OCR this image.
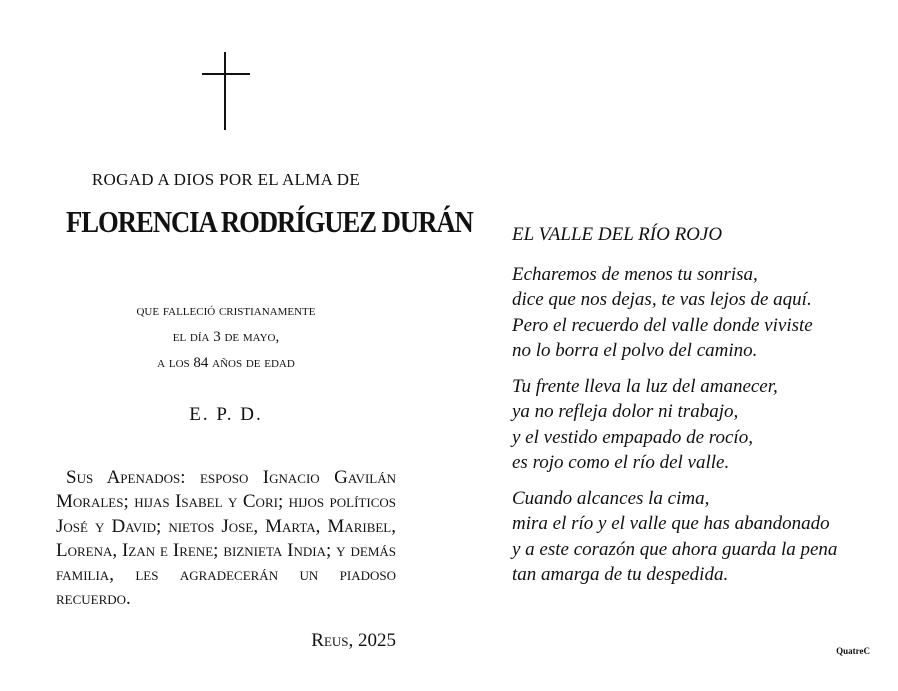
ROGAD A DIOS POR EL ALMA DE
FLORENCIA RODRÍGUEZ DURÁN
que falleció cristianamente
el día 3 de mayo,
a los 84 años de edad
E. P. D.

Sus Apenados: esposo Ignacio Gavilán Morales; hijas Isabel y Cori; hijos políticos José y David; nietos Jose, Marta, Maribel, Lorena, Izan e Irene; biznieta India; y demás familia, les agradecerán un piadoso recuerdo.

Reus, 2025
EL VALLE DEL RÍO ROJO
Echaremos de menos tu sonrisa,
dice que nos dejas, te vas lejos de aquí.
Pero el recuerdo del valle donde viviste
no lo borra el polvo del camino.
Tu frente lleva la luz del amanecer,
ya no refleja dolor ni trabajo,
y el vestido empapado de rocío,
es rojo como el río del valle.
Cuando alcances la cima,
mira el río y el valle que has abandonado
y a este corazón que ahora guarda la pena
tan amarga de tu despedida.
QuatreC
